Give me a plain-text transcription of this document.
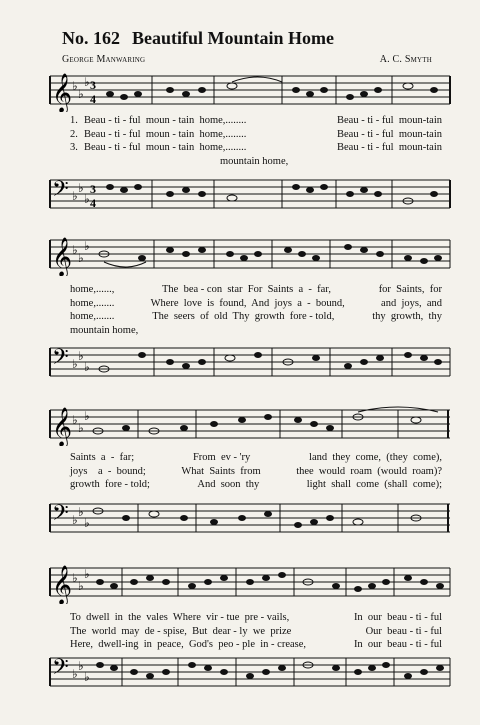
No. 162 Beautiful Mountain Home
George Manwaring	A. C. Smyth
𝄞 ♭
♭
♭ 3
4
1. Beau - ti - ful  moun - tain  home,........	Beau - ti - ful  moun-tain
2. Beau - ti - ful  moun - tain  home,........	Beau - ti - ful  moun-tain
3. Beau - ti - ful  moun - tain  home,........	Beau - ti - ful  moun-tain
mountain home,
𝄢 ♭
♭
♭
3
4
𝄞 ♭
♭
♭
home,......,	The  bea - con  star  For  Saints  a  -  far,	for  Saints,  for
home,.......	Where  love  is  found,  And  joys  a  -  bound,	and  joys,  and
home,.......	The  seers  of  old  Thy  growth  fore - told,	thy  growth,  thy
mountain home,
𝄢 ♭
♭
♭
𝄞 ♭
♭
♭
Saints  a  -  far;	From  ev - 'ry	land  they  come,  (they  come),
joys    a  -  bound;	What  Saints  from	thee  would  roam  (would  roam)?
growth  fore - told;	And  soon  thy	light  shall  come  (shall  come);
𝄢 ♭
♭
♭
𝄞 ♭
♭
♭
To  dwell  in  the  vales  Where  vir - tue  pre - vails,	In  our  beau - ti - ful
The  world  may  de - spise,  But  dear - ly  we  prize	Our  beau - ti - ful
Here,  dwell-ing  in  peace,  God's  peo - ple  in - crease,	In  our  beau - ti - ful
𝄢 ♭
♭
♭
